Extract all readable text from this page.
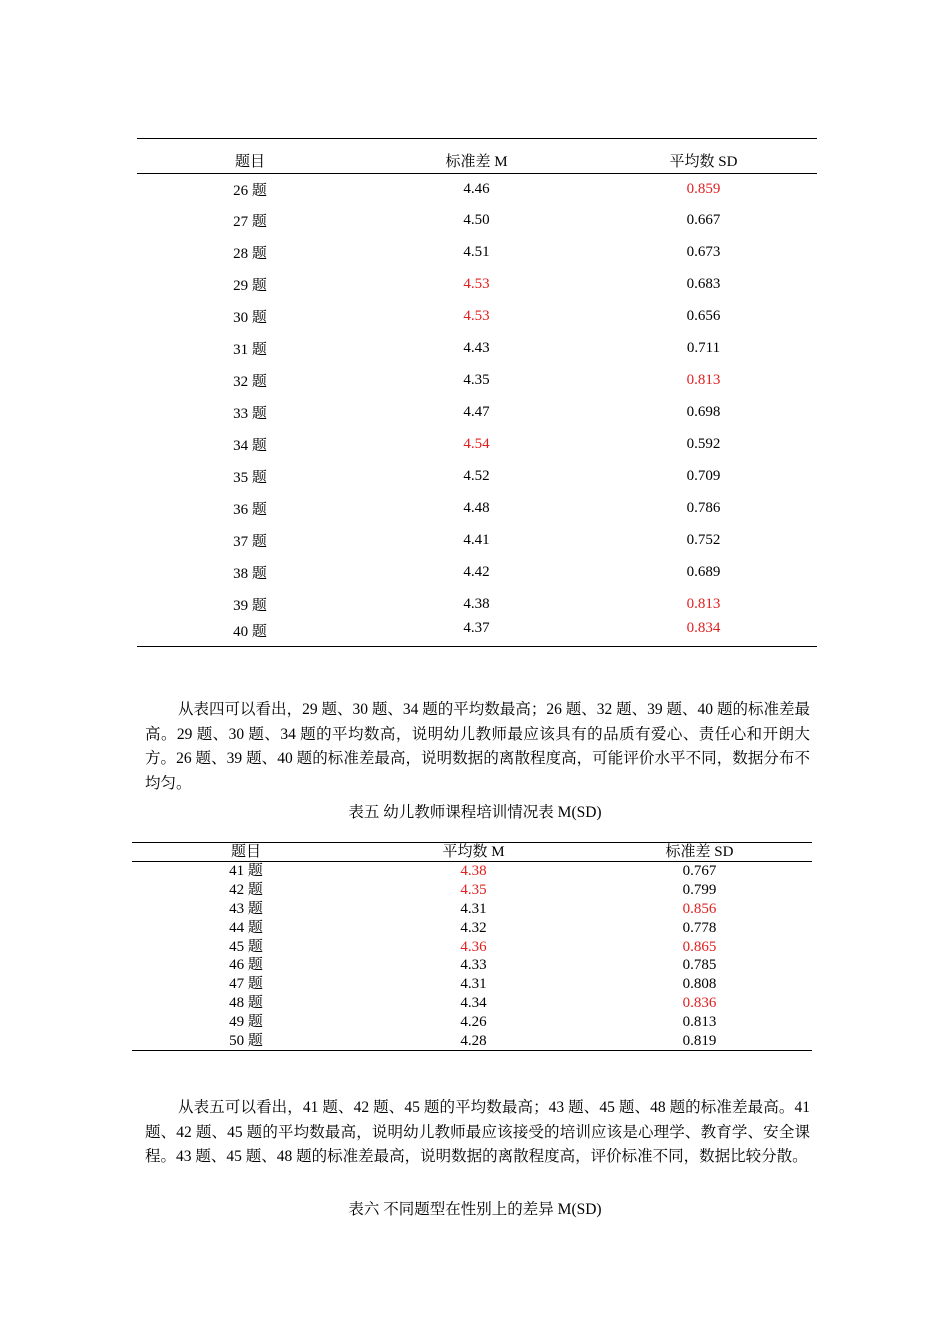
题目	标准差 M	平均数 SD
26 题	4.46	0.859
27 题	4.50	0.667
28 题	4.51	0.673
29 题	4.53	0.683
30 题	4.53	0.656
31 题	4.43	0.711
32 题	4.35	0.813
33 题	4.47	0.698
34 题	4.54	0.592
35 题	4.52	0.709
36 题	4.48	0.786
37 题	4.41	0.752
38 题	4.42	0.689
39 题	4.38	0.813
40 题	4.37	0.834
从表四可以看出，29 题、30 题、34 题的平均数最高；26 题、32 题、39 题、40 题的标准差最高。29 题、30 题、34 题的平均数高，说明幼儿教师最应该具有的品质有爱心、责任心和开朗大方。26 题、39 题、40 题的标准差最高，说明数据的离散程度高，可能评价水平不同，数据分布不均匀。
表五 幼儿教师课程培训情况表 M(SD)
题目	平均数 M	标准差 SD
41 题	4.38	0.767
42 题	4.35	0.799
43 题	4.31	0.856
44 题	4.32	0.778
45 题	4.36	0.865
46 题	4.33	0.785
47 题	4.31	0.808
48 题	4.34	0.836
49 题	4.26	0.813
50 题	4.28	0.819
从表五可以看出，41 题、42 题、45 题的平均数最高；43 题、45 题、48 题的标准差最高。41 题、42 题、45 题的平均数最高，说明幼儿教师最应该接受的培训应该是心理学、教育学、安全课程。43 题、45 题、48 题的标准差最高，说明数据的离散程度高，评价标准不同，数据比较分散。
表六 不同题型在性别上的差异 M(SD)
